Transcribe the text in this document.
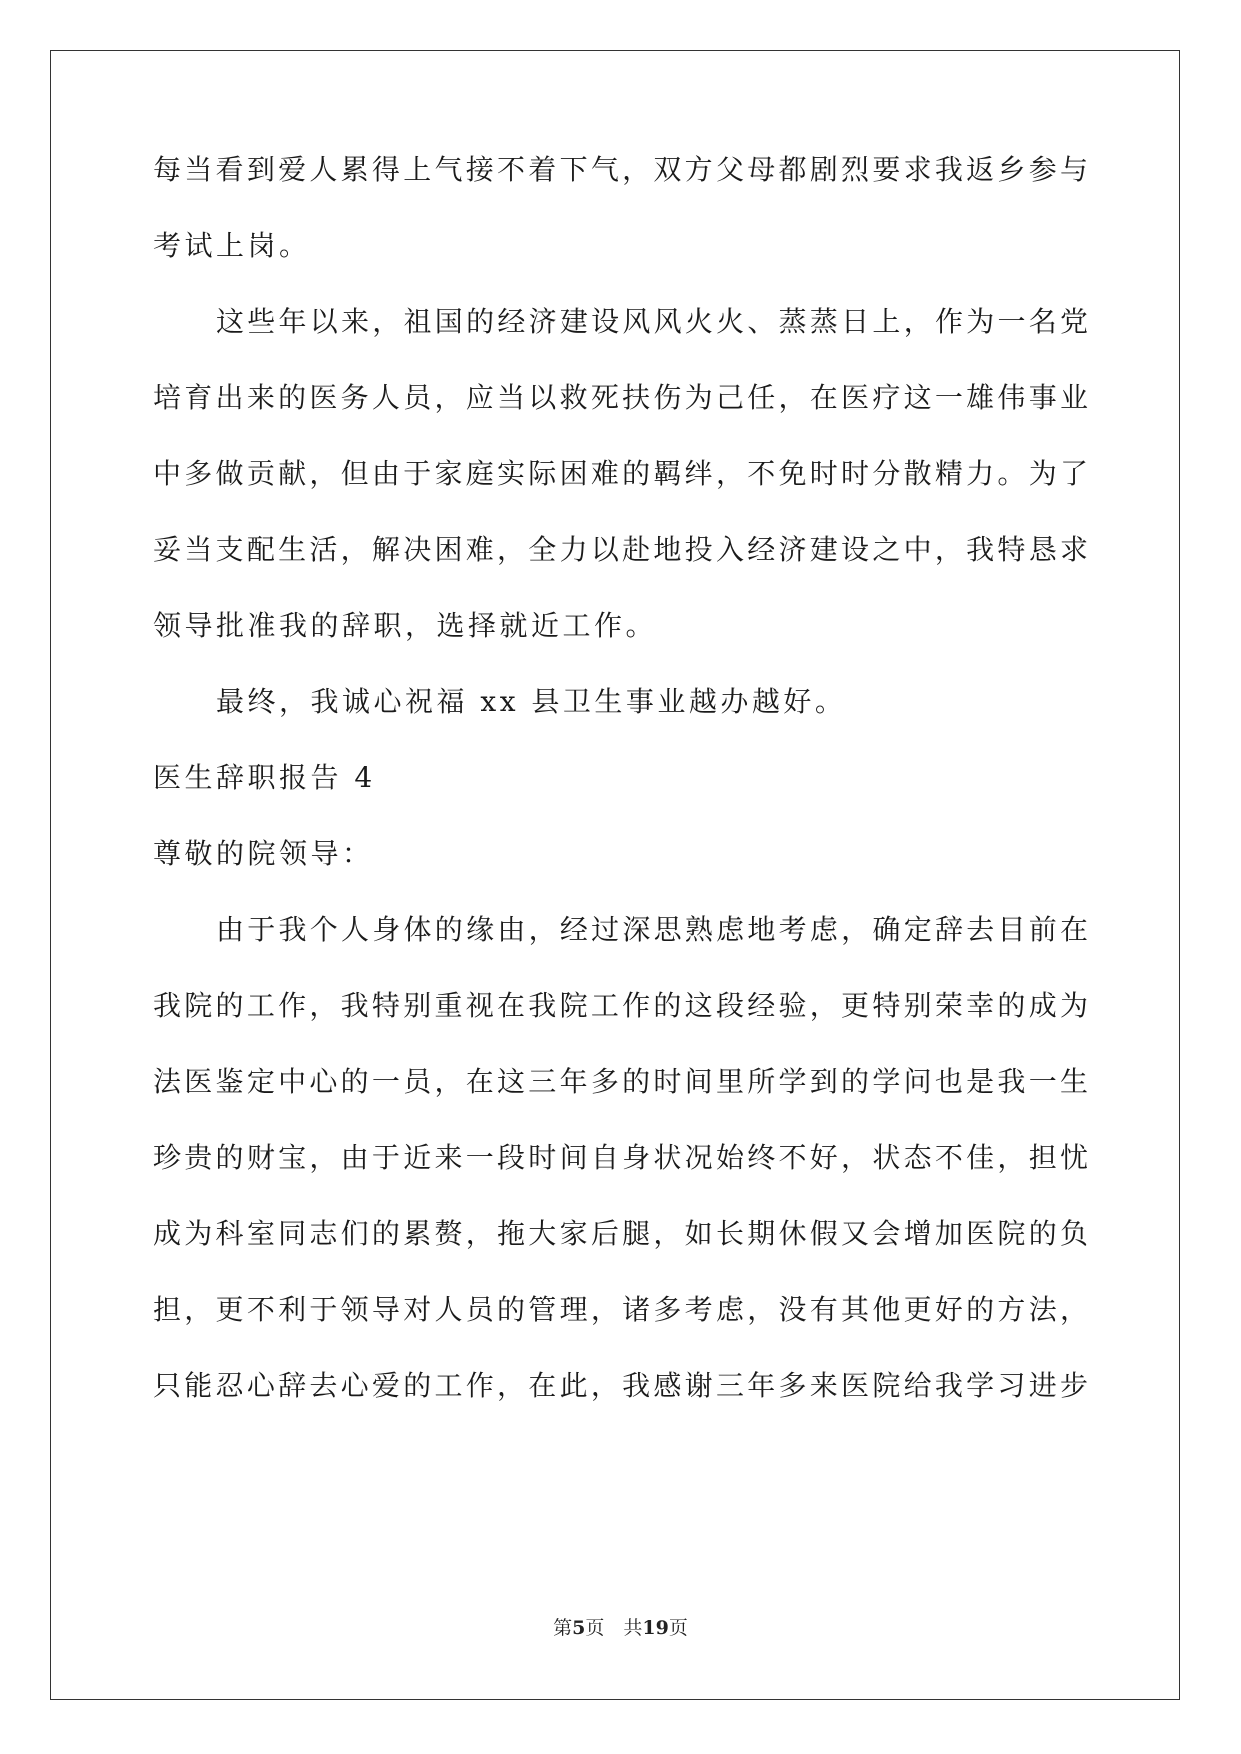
每当看到爱人累得上气接不着下气，双方父母都剧烈要求我返乡参与
考试上岗。
这些年以来，祖国的经济建设风风火火、蒸蒸日上，作为一名党
培育出来的医务人员，应当以救死扶伤为己任，在医疗这一雄伟事业
中多做贡献，但由于家庭实际困难的羁绊，不免时时分散精力。为了
妥当支配生活，解决困难，全力以赴地投入经济建设之中，我特恳求
领导批准我的辞职，选择就近工作。
最终，我诚心祝福 xx 县卫生事业越办越好。
医生辞职报告 4
尊敬的院领导：
由于我个人身体的缘由，经过深思熟虑地考虑，确定辞去目前在
我院的工作，我特别重视在我院工作的这段经验，更特别荣幸的成为
法医鉴定中心的一员，在这三年多的时间里所学到的学问也是我一生
珍贵的财宝，由于近来一段时间自身状况始终不好，状态不佳，担忧
成为科室同志们的累赘，拖大家后腿，如长期休假又会增加医院的负
担，更不利于领导对人员的管理，诸多考虑，没有其他更好的方法，
只能忍心辞去心爱的工作，在此，我感谢三年多来医院给我学习进步
第5页　共19页
